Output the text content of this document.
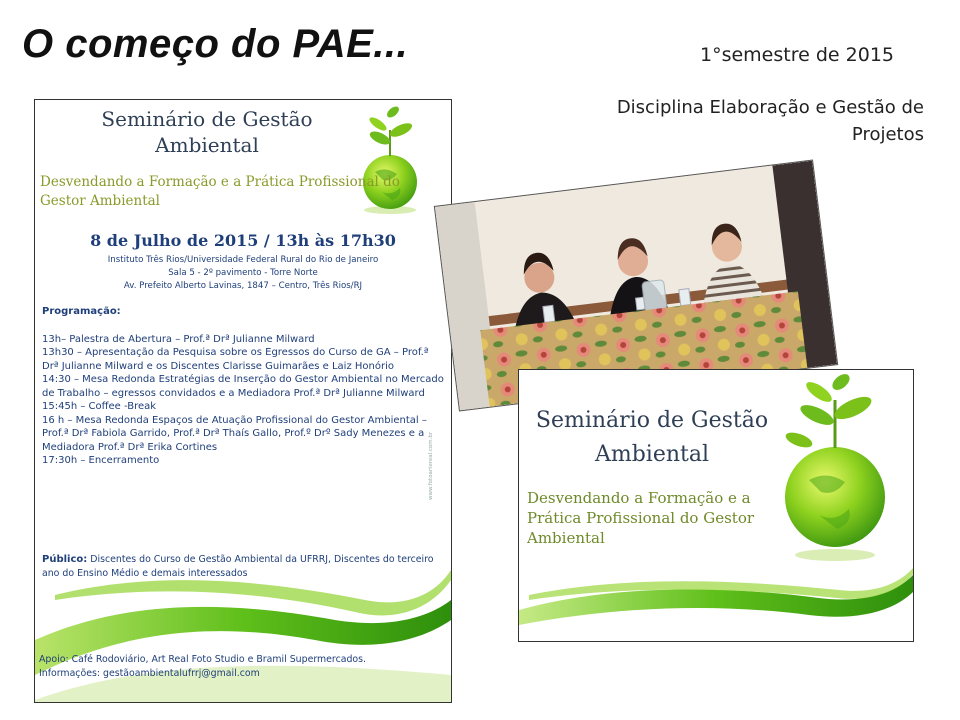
O começo do PAE...	1°semestre de 2015
Disciplina Elaboração e Gestão de
Projetos
Seminário de Gestão
Ambiental
Desvendando a Formação e a Prática Profissional do
Gestor Ambiental
8 de Julho de 2015 / 13h às 17h30
Instituto Três Rios/Universidade Federal Rural do Rio de Janeiro
Sala 5 - 2º pavimento - Torre Norte
Av. Prefeito Alberto Lavinas, 1847 – Centro, Três Rios/RJ
Programação:
13h– Palestra de Abertura – Prof.ª Drª Julianne Milward
13h30 – Apresentação da Pesquisa sobre os Egressos do Curso de GA – Prof.ª Drª Julianne Milward e os Discentes Clarisse Guimarães e Laiz Honório
14:30 – Mesa Redonda Estratégias de Inserção do Gestor Ambiental no Mercado de Trabalho – egressos convidados e a Mediadora Prof.ª Drª Julianne Milward
15:45h – Coffee -Break
16 h – Mesa Redonda Espaços de Atuação Profissional do Gestor Ambiental – Prof.ª Drª Fabiola Garrido, Prof.ª Drª Thaís Gallo, Prof.º Drº Sady Menezes e a Mediadora Prof.ª Drª Erika Cortines
17:30h – Encerramento
Público: Discentes do Curso de Gestão Ambiental da UFRRJ, Discentes do terceiro ano do Ensino Médio e demais interessados
Apoio: Café Rodoviário, Art Real Foto Studio e Bramil Supermercados.
Informações: gestãoambientalufrrj@gmail.com
www.fotoartereal.com.br
Seminário de Gestão
Ambiental
Desvendando a Formação e a
Prática Profissional do Gestor
Ambiental
